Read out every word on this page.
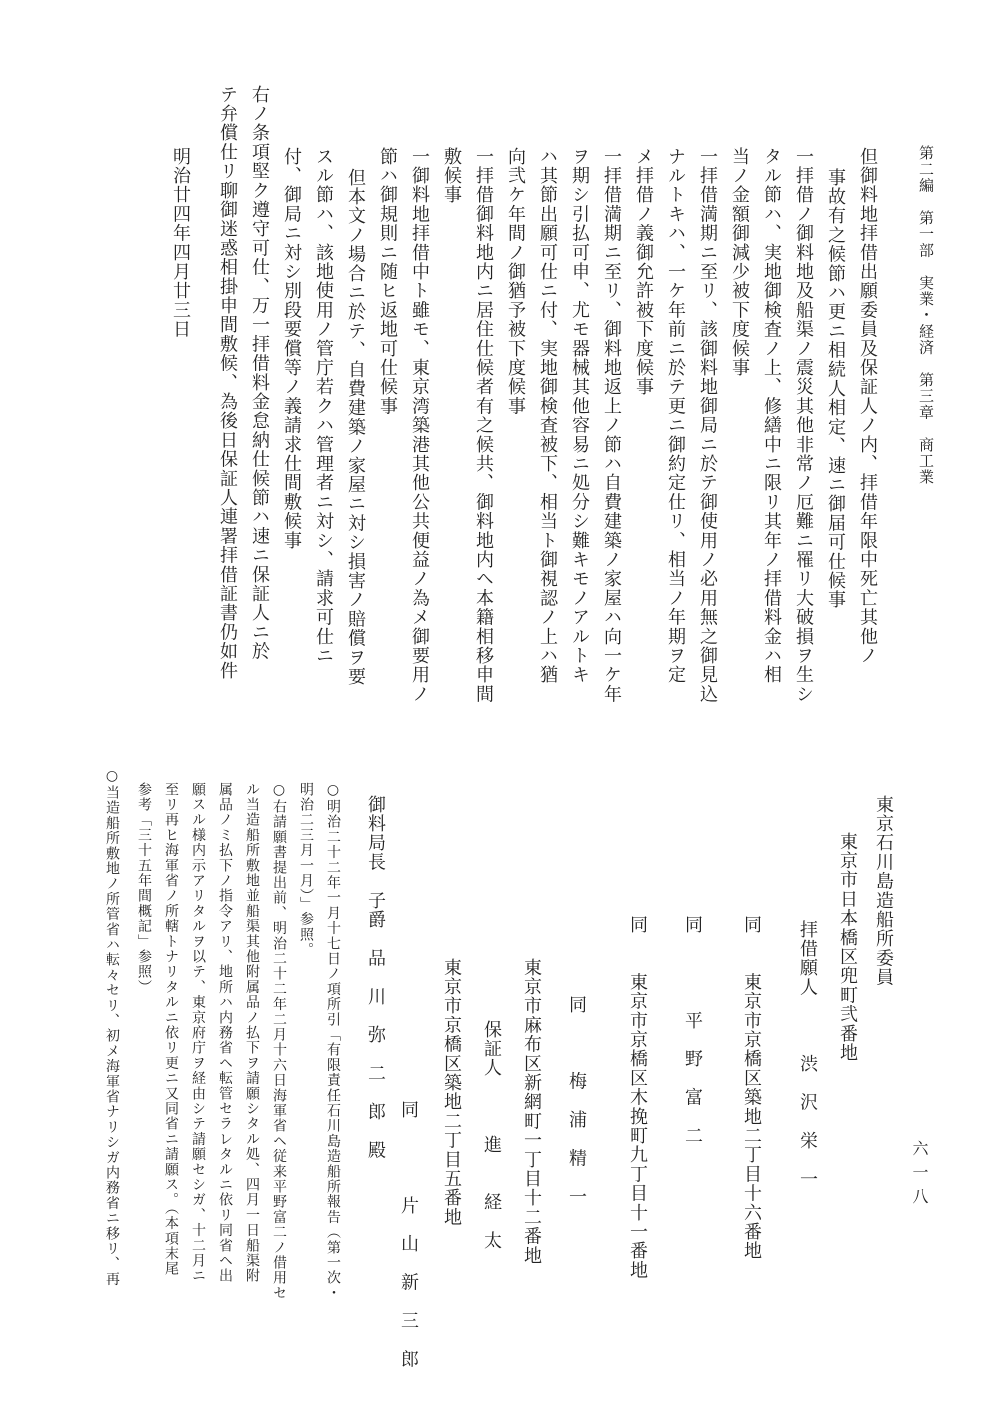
第二編　第一部　実業・経済　第三章　商工業
六一八
但御料地拝借出願委員及保証人ノ内、拝借年限中死亡其他ノ
事故有之候節ハ更ニ相続人相定、速ニ御届可仕候事
一拝借ノ御料地及船渠ノ震災其他非常ノ厄難ニ罹リ大破損ヲ生シ
タル節ハ、実地御検査ノ上、修繕中ニ限リ其年ノ拝借料金ハ相
当ノ金額御減少被下度候事
一拝借満期ニ至リ、該御料地御局ニ於テ御使用ノ必用無之御見込
ナルトキハ、一ケ年前ニ於テ更ニ御約定仕リ、相当ノ年期ヲ定
メ拝借ノ義御允許被下度候事
一拝借満期ニ至リ、御料地返上ノ節ハ自費建築ノ家屋ハ向一ケ年
ヲ期シ引払可申、尤モ器械其他容易ニ処分シ難キモノアルトキ
ハ其節出願可仕ニ付、実地御検査被下、相当ト御視認ノ上ハ猶
向弐ケ年間ノ御猶予被下度候事
一拝借御料地内ニ居住仕候者有之候共、御料地内ヘ本籍相移申間
敷候事
一御料地拝借中ト雖モ、東京湾築港其他公共便益ノ為メ御要用ノ
節ハ御規則ニ随ヒ返地可仕候事
但本文ノ場合ニ於テ、自費建築ノ家屋ニ対シ損害ノ賠償ヲ要
スル節ハ、該地使用ノ管庁若クハ管理者ニ対シ、請求可仕ニ
付、御局ニ対シ別段要償等ノ義請求仕間敷候事
右ノ条項堅ク遵守可仕、万一拝借料金怠納仕候節ハ速ニ保証人ニ於
テ弁償仕リ聊御迷惑相掛申間敷候、為後日保証人連署拝借証書仍如件
明治廿四年四月廿三日
東京石川島造船所委員
東京市日本橋区兜町弐番地
拝借願人　　　渋　沢　栄　一
同　　東京市京橋区築地二丁目十六番地
同　　　　平　野　富　二
同　　東京市京橋区木挽町九丁目十一番地
同　　　梅　浦　精　一
東京市麻布区新網町一丁目十二番地
保証人　　　進　　経　太
東京市京橋区築地二丁目五番地
同　　　　片　山　新　三　郎
御料局長　子爵　品　川　弥　二　郎　殿
○明治二十二年一月十七日ノ項所引「有限責任石川島造船所報告（第一次・
明治二三月一月）」参照。
○右請願書提出前、明治二十二年二月十六日海軍省ヘ従来平野富二ノ借用セ
ル当造船所敷地並船渠其他附属品ノ払下ヲ請願シタル処、四月一日船渠附
属品ノミ払下ノ指令アリ、地所ハ内務省ヘ転管セラレタルニ依リ同省ヘ出
願スル様内示アリタルヲ以テ、東京府庁ヲ経由シテ請願セシガ、十二月ニ
至リ再ヒ海軍省ノ所轄トナリタルニ依リ更ニ又同省ニ請願ス。（本項末尾
参考「三十五年間概記」参照）
○当造船所敷地ノ所管省ハ転々セリ、初メ海軍省ナリシガ内務省ニ移リ、再
